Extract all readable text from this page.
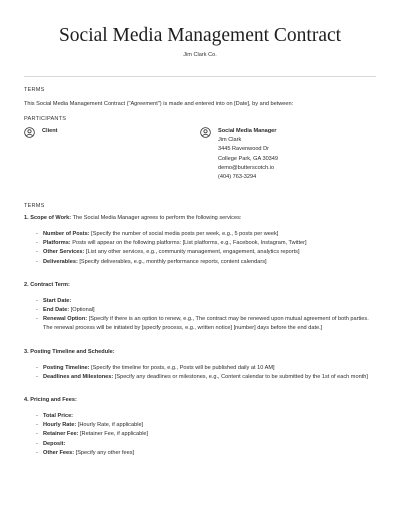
Social Media Management Contract
Jim Clark Co.
TERMS
This Social Media Management Contract ("Agreement") is made and entered into on [Date], by and between:
PARTICIPANTS
Client	Social Media Manager
Jim Clark
3445 Ravenwood Dr
College Park, GA 30349
demo@butterscotch.io
(404) 763-3294
TERMS
1. Scope of Work: The Social Media Manager agrees to perform the following services:
- Number of Posts: [Specify the number of social media posts per week, e.g., 5 posts per week]
- Platforms: Posts will appear on the following platforms: [List platforms, e.g., Facebook, Instagram, Twitter]
- Other Services: [List any other services, e.g., community management, engagement, analytics reports]
- Deliverables: [Specify deliverables, e.g., monthly performance reports, content calendars]
2. Contract Term:
- Start Date:
- End Date: [Optional]
- Renewal Option: [Specify if there is an option to renew, e.g., The contract may be renewed upon mutual agreement of both parties. The renewal process will be initiated by [specify process, e.g., written notice] [number] days before the end date.]
3. Posting Timeline and Schedule:
- Posting Timeline: [Specify the timeline for posts, e.g., Posts will be published daily at 10 AM]
- Deadlines and Milestones: [Specify any deadlines or milestones, e.g., Content calendar to be submitted by the 1st of each month]
4. Pricing and Fees:
- Total Price:
- Hourly Rate: [Hourly Rate, if applicable]
- Retainer Fee: [Retainer Fee, if applicable]
- Deposit:
- Other Fees: [Specify any other fees]
